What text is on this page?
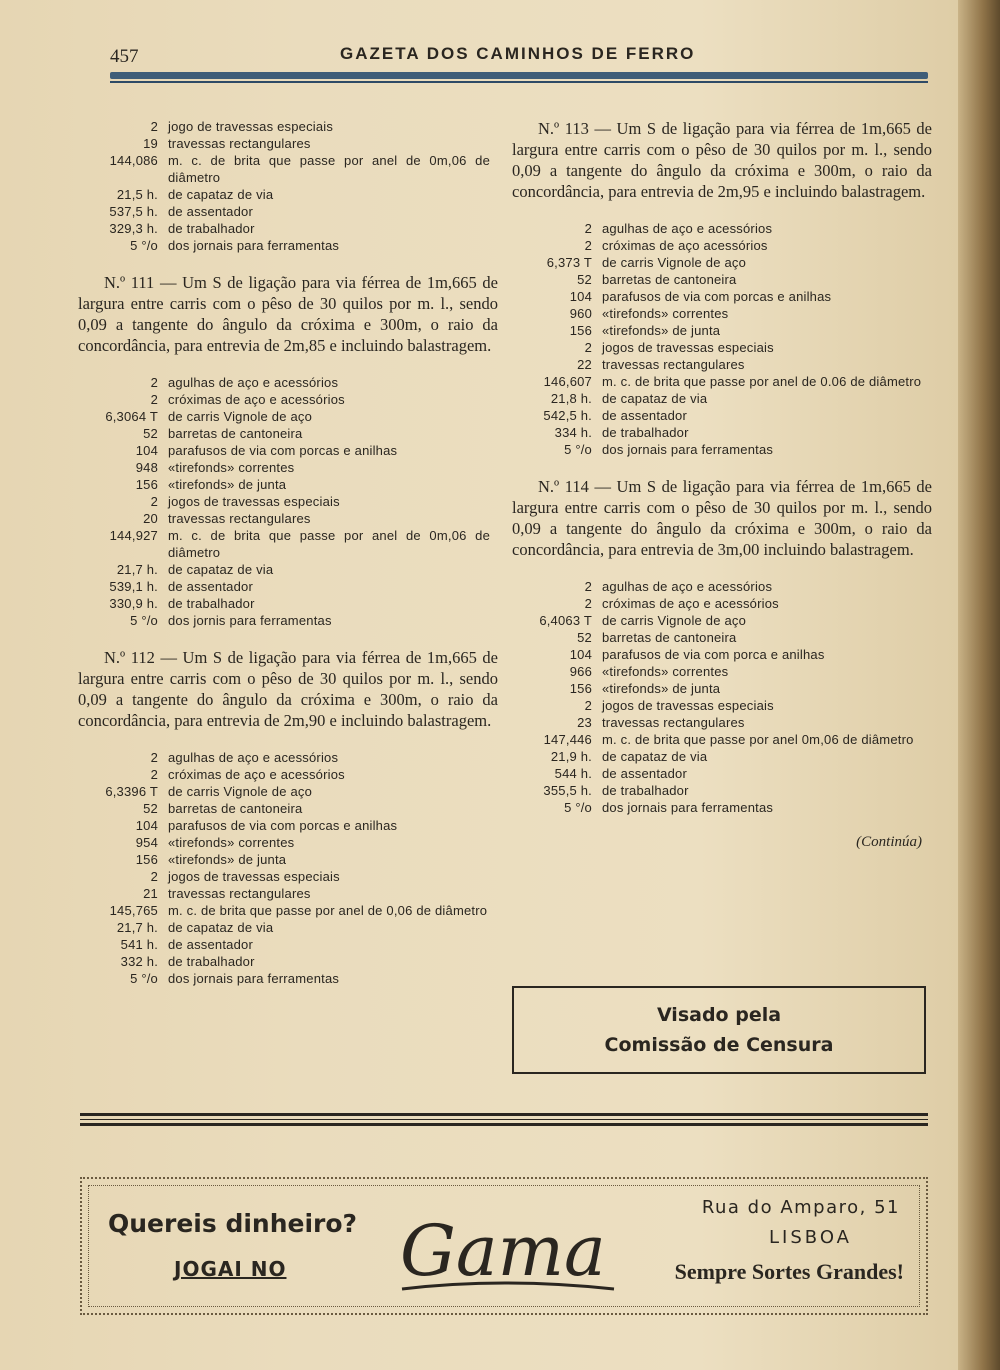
457	GAZETA DOS CAMINHOS DE FERRO
2 jogo de travessas especiais
19 travessas rectangulares
144,086 m. c. de brita que passe por anel de 0m,06 de diâmetro
21,5 h. de capataz de via
537,5 h. de assentador
329,3 h. de trabalhador
5 °/o dos jornais para ferramentas

N.º 111 — Um S de ligação para via férrea de 1m,665 de largura entre carris com o pêso de 30 quilos por m. l., sendo 0,09 a tangente do ângulo da cróxima e 300m, o raio da concordância, para entrevia de 2m,85 e incluindo balastragem.

2 agulhas de aço e acessórios
2 cróximas de aço e acessórios
6,3064 T de carris Vignole de aço
52 barretas de cantoneira
104 parafusos de via com porcas e anilhas
948 «tirefonds» correntes
156 «tirefonds» de junta
2 jogos de travessas especiais
20 travessas rectangulares
144,927 m. c. de brita que passe por anel de 0m,06 de diâmetro
21,7 h. de capataz de via
539,1 h. de assentador
330,9 h. de trabalhador
5 °/o dos jornis para ferramentas

N.º 112 — Um S de ligação para via férrea de 1m,665 de largura entre carris com o pêso de 30 quilos por m. l., sendo 0,09 a tangente do ângulo da cróxima e 300m, o raio da concordância, para entrevia de 2m,90 e incluindo balastragem.

2 agulhas de aço e acessórios
2 cróximas de aço e acessórios
6,3396 T de carris Vignole de aço
52 barretas de cantoneira
104 parafusos de via com porcas e anilhas
954 «tirefonds» correntes
156 «tirefonds» de junta
2 jogos de travessas especiais
21 travessas rectangulares
145,765 m. c. de brita que passe por anel de 0,06 de diâmetro
21,7 h. de capataz de via
541 h. de assentador
332 h. de trabalhador
5 °/o dos jornais para ferramentas

N.º 113 — Um S de ligação para via férrea de 1m,665 de largura entre carris com o pêso de 30 quilos por m. l., sendo 0,09 a tangente do ângulo da cróxima e 300m, o raio da concordância, para entrevia de 2m,95 e incluindo balastragem.

2 agulhas de aço e acessórios
2 cróximas de aço acessórios
6,373 T de carris Vignole de aço
52 barretas de cantoneira
104 parafusos de via com porcas e anilhas
960 «tirefonds» correntes
156 «tirefonds» de junta
2 jogos de travessas especiais
22 travessas rectangulares
146,607 m. c. de brita que passe por anel de 0.06 de diâmetro
21,8 h. de capataz de via
542,5 h. de assentador
334 h. de trabalhador
5 °/o dos jornais para ferramentas

N.º 114 — Um S de ligação para via férrea de 1m,665 de largura entre carris com o pêso de 30 quilos por m. l., sendo 0,09 a tangente do ângulo da cróxima e 300m, o raio da concordância, para entrevia de 3m,00 incluindo balastragem.

2 agulhas de aço e acessórios
2 cróximas de aço e acessórios
6,4063 T de carris Vignole de aço
52 barretas de cantoneira
104 parafusos de via com porca e anilhas
966 «tirefonds» correntes
156 «tirefonds» de junta
2 jogos de travessas especiais
23 travessas rectangulares
147,446 m. c. de brita que passe por anel 0m,06 de diâmetro
21,9 h. de capataz de via
544 h. de assentador
355,5 h. de trabalhador
5 °/o dos jornais para ferramentas
(Continúa)
Visado pela
Comissão de Censura
Quereis dinheiro?
JOGAI NO Gama
Rua do Amparo, 51
LISBOA
Sempre Sortes Grandes!
